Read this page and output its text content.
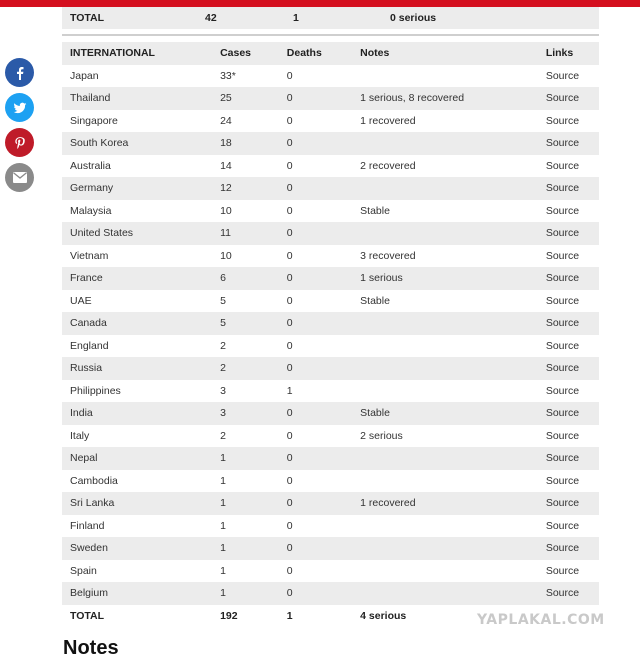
TOTAL	42	1	0 serious
INTERNATIONAL	Cases	Deaths	Notes	Links
Japan	33*	0		Source
Thailand	25	0	1 serious, 8 recovered	Source
Singapore	24	0	1 recovered	Source
South Korea	18	0		Source
Australia	14	0	2 recovered	Source
Germany	12	0		Source
Malaysia	10	0	Stable	Source
United States	11	0		Source
Vietnam	10	0	3 recovered	Source
France	6	0	1 serious	Source
UAE	5	0	Stable	Source
Canada	5	0		Source
England	2	0		Source
Russia	2	0		Source
Philippines	3	1		Source
India	3	0	Stable	Source
Italy	2	0	2 serious	Source
Nepal	1	0		Source
Cambodia	1	0		Source
Sri Lanka	1	0	1 recovered	Source
Finland	1	0		Source
Sweden	1	0		Source
Spain	1	0		Source
Belgium	1	0		Source
TOTAL	192	1	4 serious	
Notes
YAPLAKAL.COM
